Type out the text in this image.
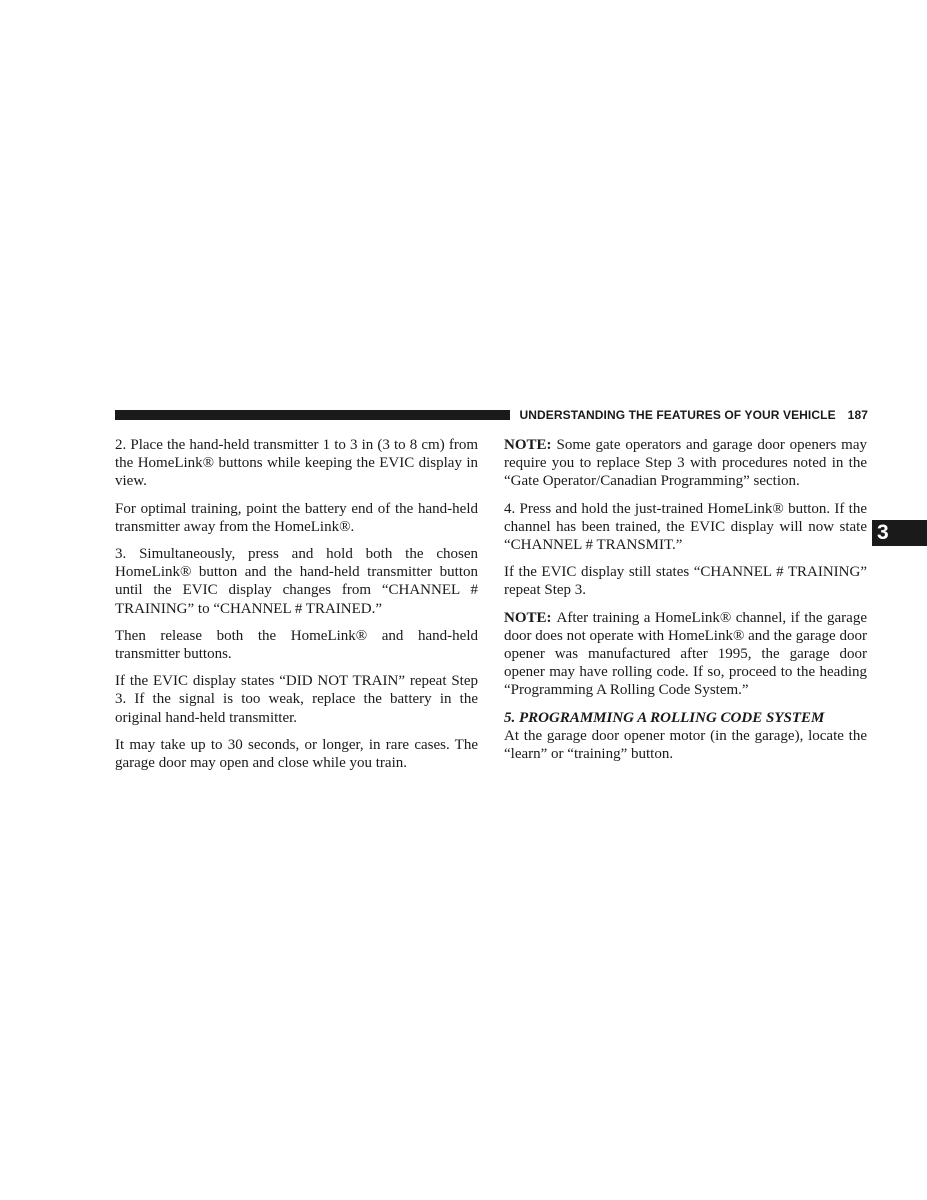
UNDERSTANDING THE FEATURES OF YOUR VEHICLE 187
3

2. Place the hand-held transmitter 1 to 3 in (3 to 8 cm) from the HomeLink® buttons while keeping the EVIC display in view.

For optimal training, point the battery end of the hand-held transmitter away from the HomeLink®.

3. Simultaneously, press and hold both the chosen HomeLink® button and the hand-held transmitter button until the EVIC display changes from “CHANNEL # TRAINING” to “CHANNEL # TRAINED.”

Then release both the HomeLink® and hand-held transmitter buttons.

If the EVIC display states “DID NOT TRAIN” repeat Step 3. If the signal is too weak, replace the battery in the original hand-held transmitter.

It may take up to 30 seconds, or longer, in rare cases. The garage door may open and close while you train.

NOTE: Some gate operators and garage door openers may require you to replace Step 3 with procedures noted in the “Gate Operator/Canadian Programming” section.

4. Press and hold the just-trained HomeLink® button. If the channel has been trained, the EVIC display will now state “CHANNEL # TRANSMIT.”

If the EVIC display still states “CHANNEL # TRAINING” repeat Step 3.

NOTE: After training a HomeLink® channel, if the garage door does not operate with HomeLink® and the garage door opener was manufactured after 1995, the garage door opener may have rolling code. If so, proceed to the heading “Programming A Rolling Code System.”

5. PROGRAMMING A ROLLING CODE SYSTEM

At the garage door opener motor (in the garage), locate the “learn” or “training” button.
